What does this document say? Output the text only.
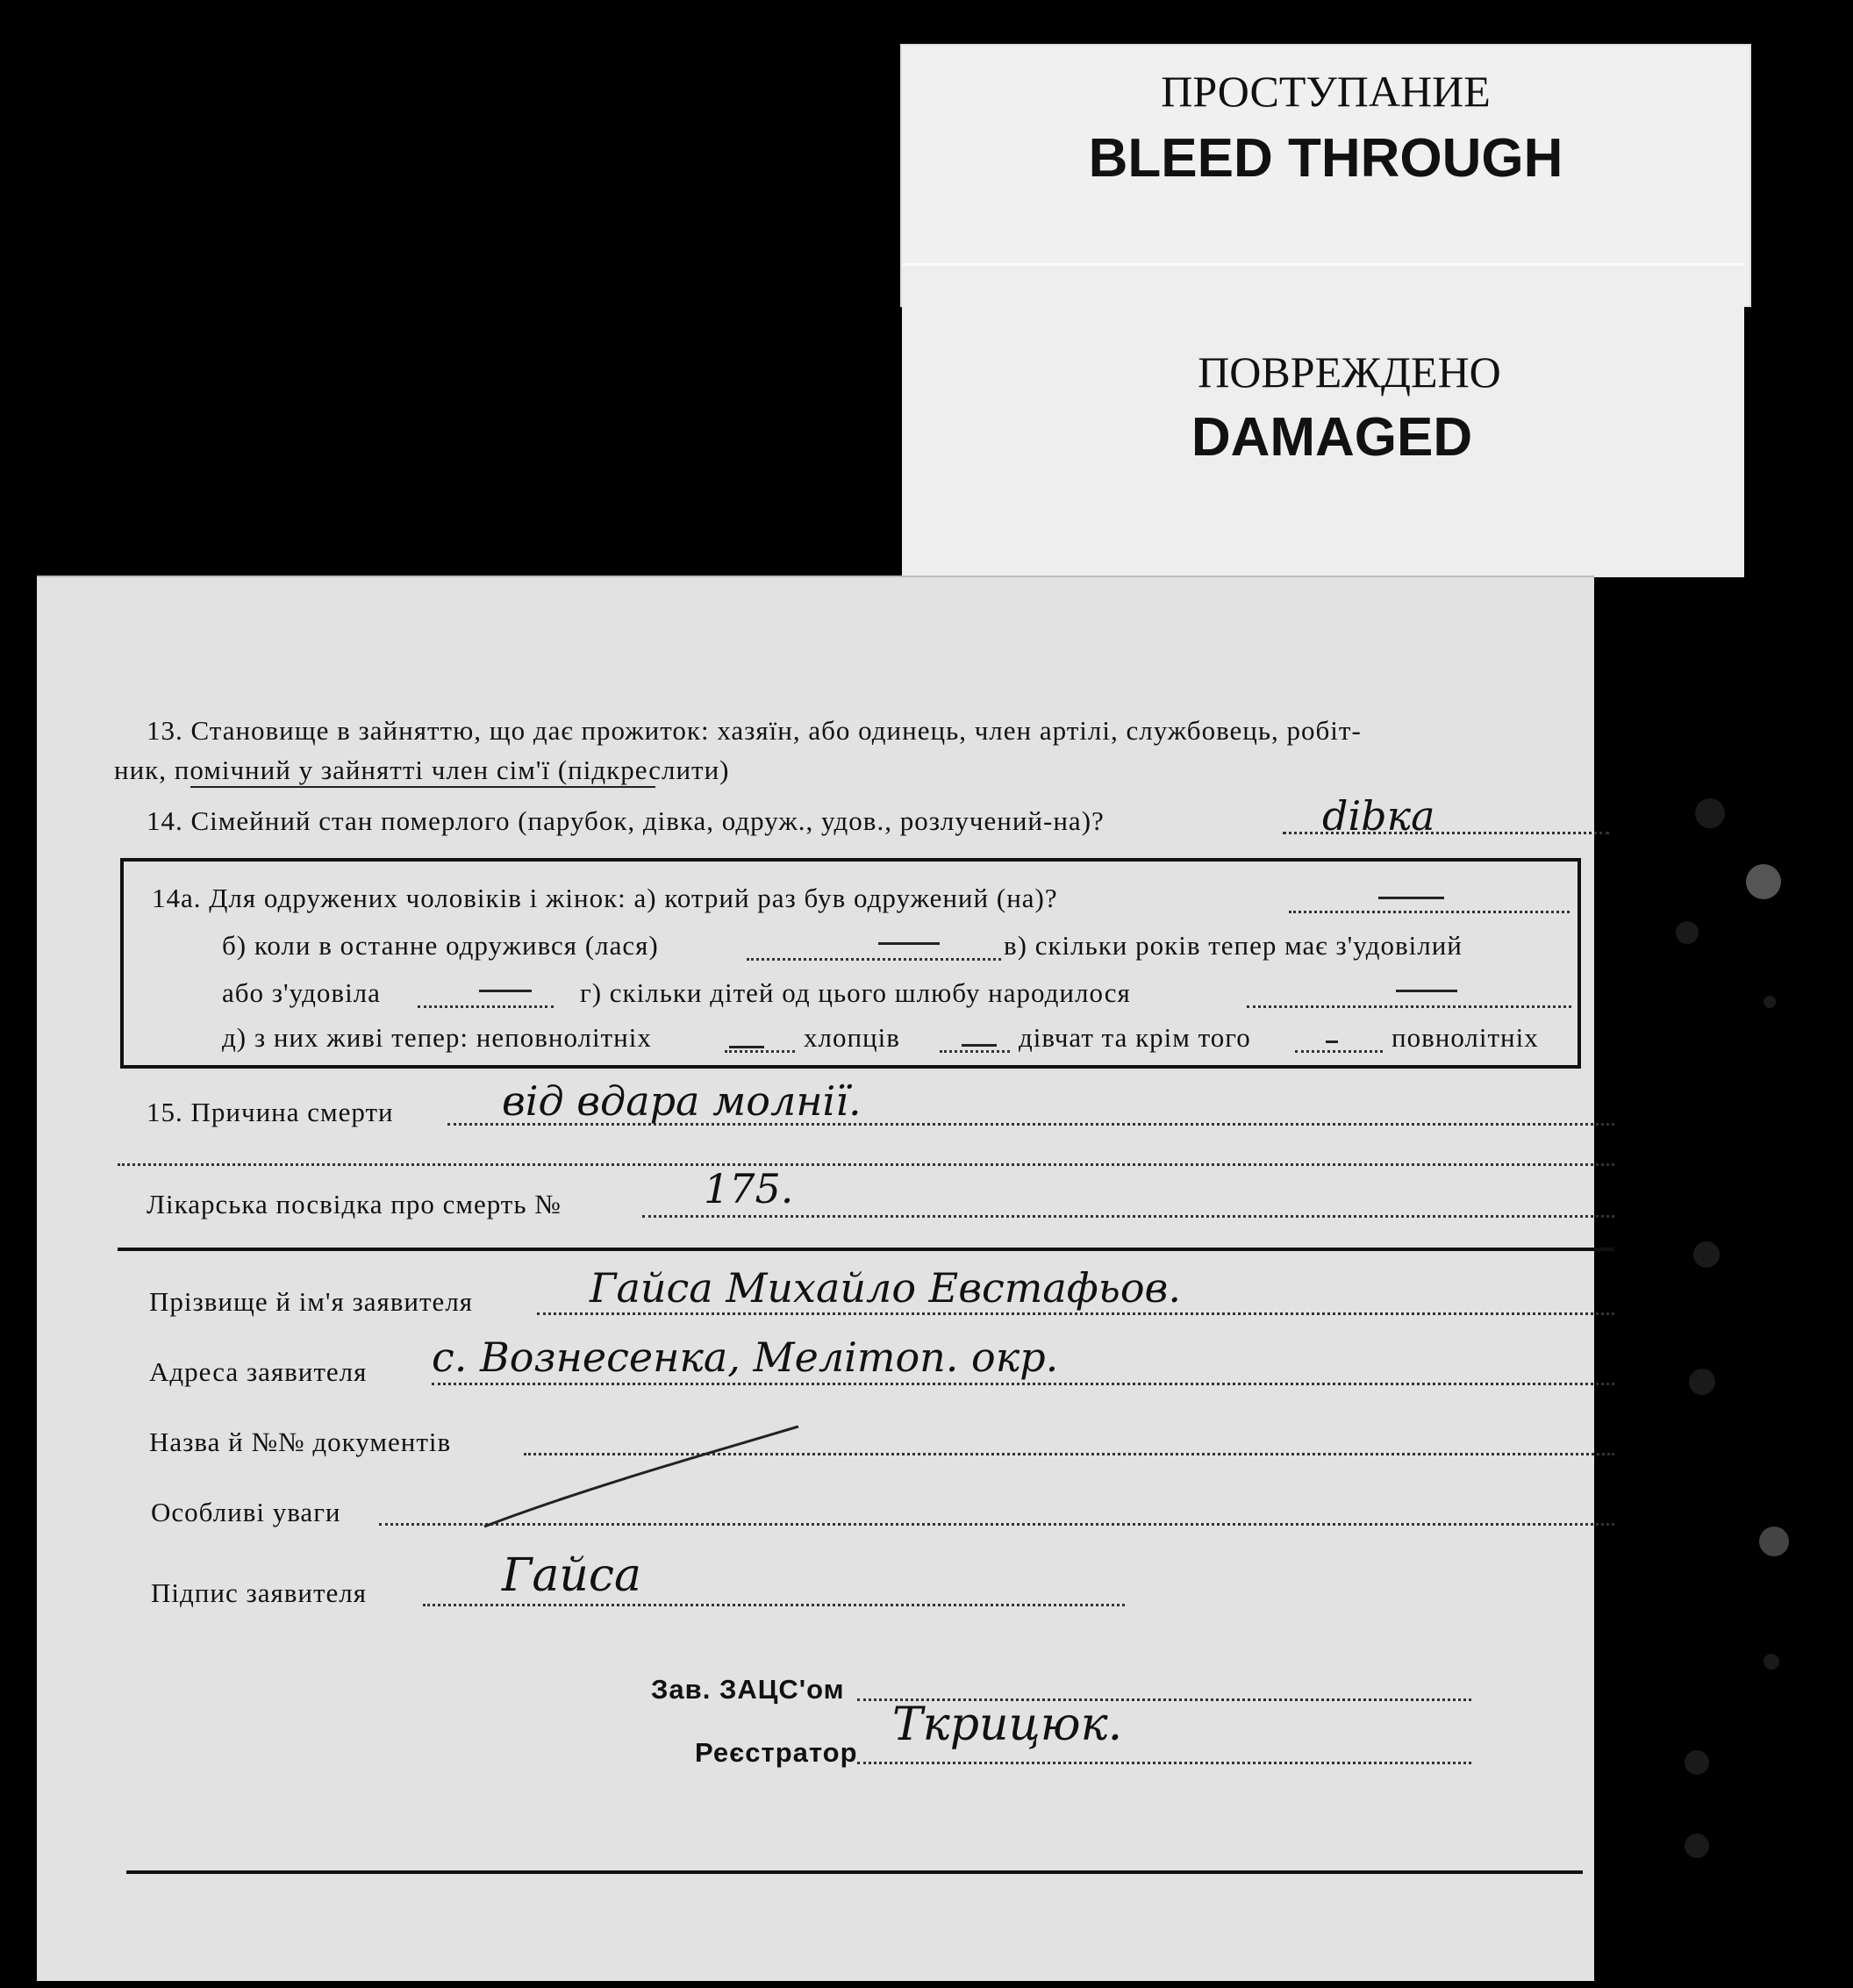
ПРОСТУПАНИЕ
BLEED THROUGH
ПОВРЕЖДЕНО
DAMAGED
13. Становище в зайняттю, що дає прожиток: хазяїн, або одинець, член артілі, службовець, робіт-
ник, помічний у зайнятті член сім'ї (підкреслити)
14. Сімейний стан померлого (парубок, дівка, одруж., удов., розлучений-на)?	dibка
14а. Для одружених чоловіків і жінок: а) котрий раз був одружений (на)?
б) коли в останне одружився (лася)	в) скільки років тепер має з'удовілий
або з'удовіла	г) скільки дітей од цього шлюбу народилося
д) з них живі тепер: неповнолітніх	хлопців	дівчат та крім того	повнолітніх
15. Причина смерти	від вдара молнії.
Лікарська посвідка про смерть №	175.
Прізвище й ім'я заявителя	Гайса Михайло Евстафьов.
Адреса заявителя с. Вознесенка, Мелітоп. окр.
Назва й №№ документів
Особливі уваги
Підпис заявителя	Гайса
Зав. ЗАЦС'ом
Реєстратор
Ткрицюк.
